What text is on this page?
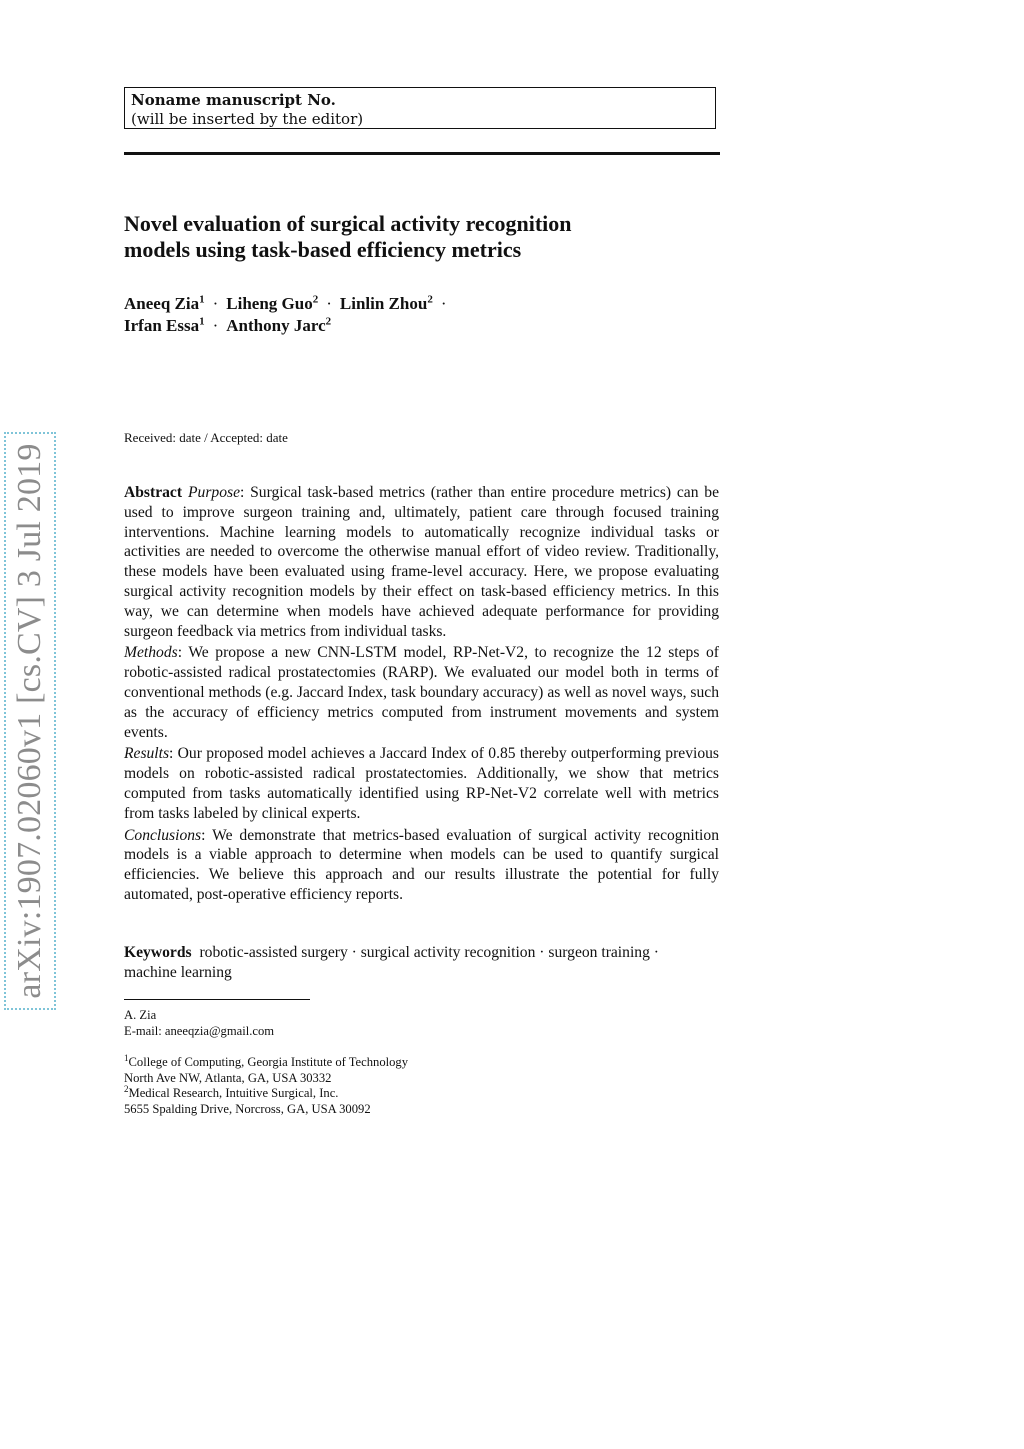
Noname manuscript No.
(will be inserted by the editor)
Novel evaluation of surgical activity recognition
models using task-based efficiency metrics
Aneeq Zia$^1$ · Liheng Guo$^2$ · Linlin Zhou$^2$ ·
Irfan Essa$^1$ · Anthony Jarc$^2$
Received: date / Accepted: date

Abstract Purpose: Surgical task-based metrics (rather than entire procedure metrics) can be used to improve surgeon training and, ultimately, patient care through focused training interventions. Machine learning models to automatically recognize individual tasks or activities are needed to overcome the otherwise manual effort of video review. Traditionally, these models have been evaluated using frame-level accuracy. Here, we propose evaluating surgical activity recognition models by their effect on task-based efficiency metrics. In this way, we can determine when models have achieved adequate performance for providing surgeon feedback via metrics from individual tasks.

Methods: We propose a new CNN-LSTM model, RP-Net-V2, to recognize the 12 steps of robotic-assisted radical prostatectomies (RARP). We evaluated our model both in terms of conventional methods (e.g. Jaccard Index, task boundary accuracy) as well as novel ways, such as the accuracy of efficiency metrics computed from instrument movements and system events.

Results: Our proposed model achieves a Jaccard Index of 0.85 thereby outperforming previous models on robotic-assisted radical prostatectomies. Additionally, we show that metrics computed from tasks automatically identified using RP-Net-V2 correlate well with metrics from tasks labeled by clinical experts.

Conclusions: We demonstrate that metrics-based evaluation of surgical activity recognition models is a viable approach to determine when models can be used to quantify surgical efficiencies. We believe this approach and our results illustrate the potential for fully automated, post-operative efficiency reports.

Keywords robotic-assisted surgery · surgical activity recognition · surgeon training · machine learning
A. Zia
E-mail: aneeqzia@gmail.com
$^1$College of Computing, Georgia Institute of Technology
North Ave NW, Atlanta, GA, USA 30332
$^2$Medical Research, Intuitive Surgical, Inc.
5655 Spalding Drive, Norcross, GA, USA 30092
arXiv:1907.02060v1 [cs.CV] 3 Jul 2019
